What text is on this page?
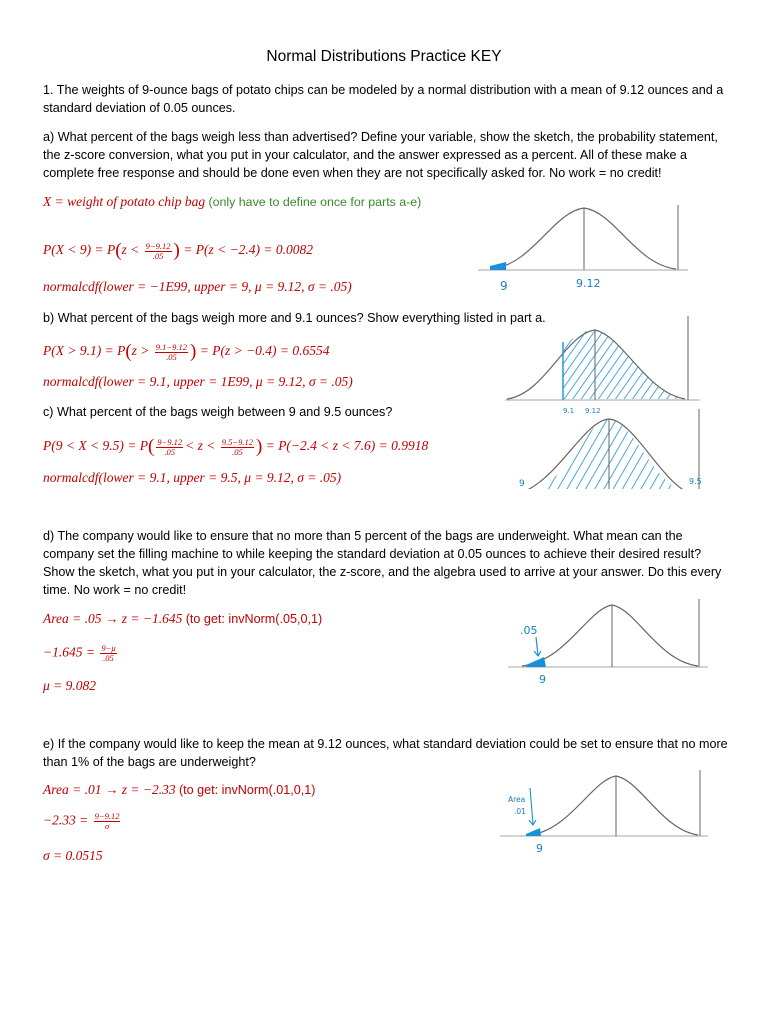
Normal Distributions Practice KEY
1. The weights of 9-ounce bags of potato chips can be modeled by a normal distribution with a mean of 9.12 ounces and a standard deviation of 0.05 ounces.
a) What percent of the bags weigh less than advertised? Define your variable, show the sketch, the probability statement, the z-score conversion, what you put in your calculator, and the answer expressed as a percent. All of these make a complete free response and should be done even when they are not specifically asked for. No work = no credit!
X = weight of potato chip bag (only have to define once for parts a-e)
$P(X < 9) = P(z < \frac{9-9.12}{.05}$ ) = P(z < −2.4) = 0.0082
normalcdf(lower = −1E99, upper = 9, μ = 9.12, σ = .05)	9	9.12
b) What percent of the bags weigh more and 9.1 ounces? Show everything listed in part a.
$P(X > 9.1) = P(z > \frac{9.1-9.12}{.05}$ ) = P(z > −0.4) = 0.6554
normalcdf(lower = 9.1, upper = 1E99, μ = 9.12, σ = .05)
9.1 9.12
c) What percent of the bags weigh between 9 and 9.5 ounces?
$P(9 < X < 9.5) = P( \frac{9-9.12}{.05} < z < \frac{9.5-9.12}{.05}$ ) = P(−2.4 < z < 7.6) = 0.9918
normalcdf(lower = 9.1, upper = 9.5, μ = 9.12, σ = .05)	9	9.5
d) The company would like to ensure that no more than 5 percent of the bags are underweight. What mean can the company set the filling machine to while keeping the standard deviation at 0.05 ounces to achieve their desired result? Show the sketch, what you put in your calculator, the z-score, and the algebra used to arrive at your answer. Do this every time. No work = no credit!
Area = .05 → z = −1.645 (to get: invNorm(.05,0,1)
$-1.645 = \frac{9-\mu}{.05}$
μ = 9.082
.05
9
e) If the company would like to keep the mean at 9.12 ounces, what standard deviation could be set to ensure that no more than 1% of the bags are underweight?
Area = .01 → z = −2.33 (to get: invNorm(.01,0,1)
$-2.33 = \frac{9-9.12}{\sigma}$
σ = 0.0515
Area
.01
9
